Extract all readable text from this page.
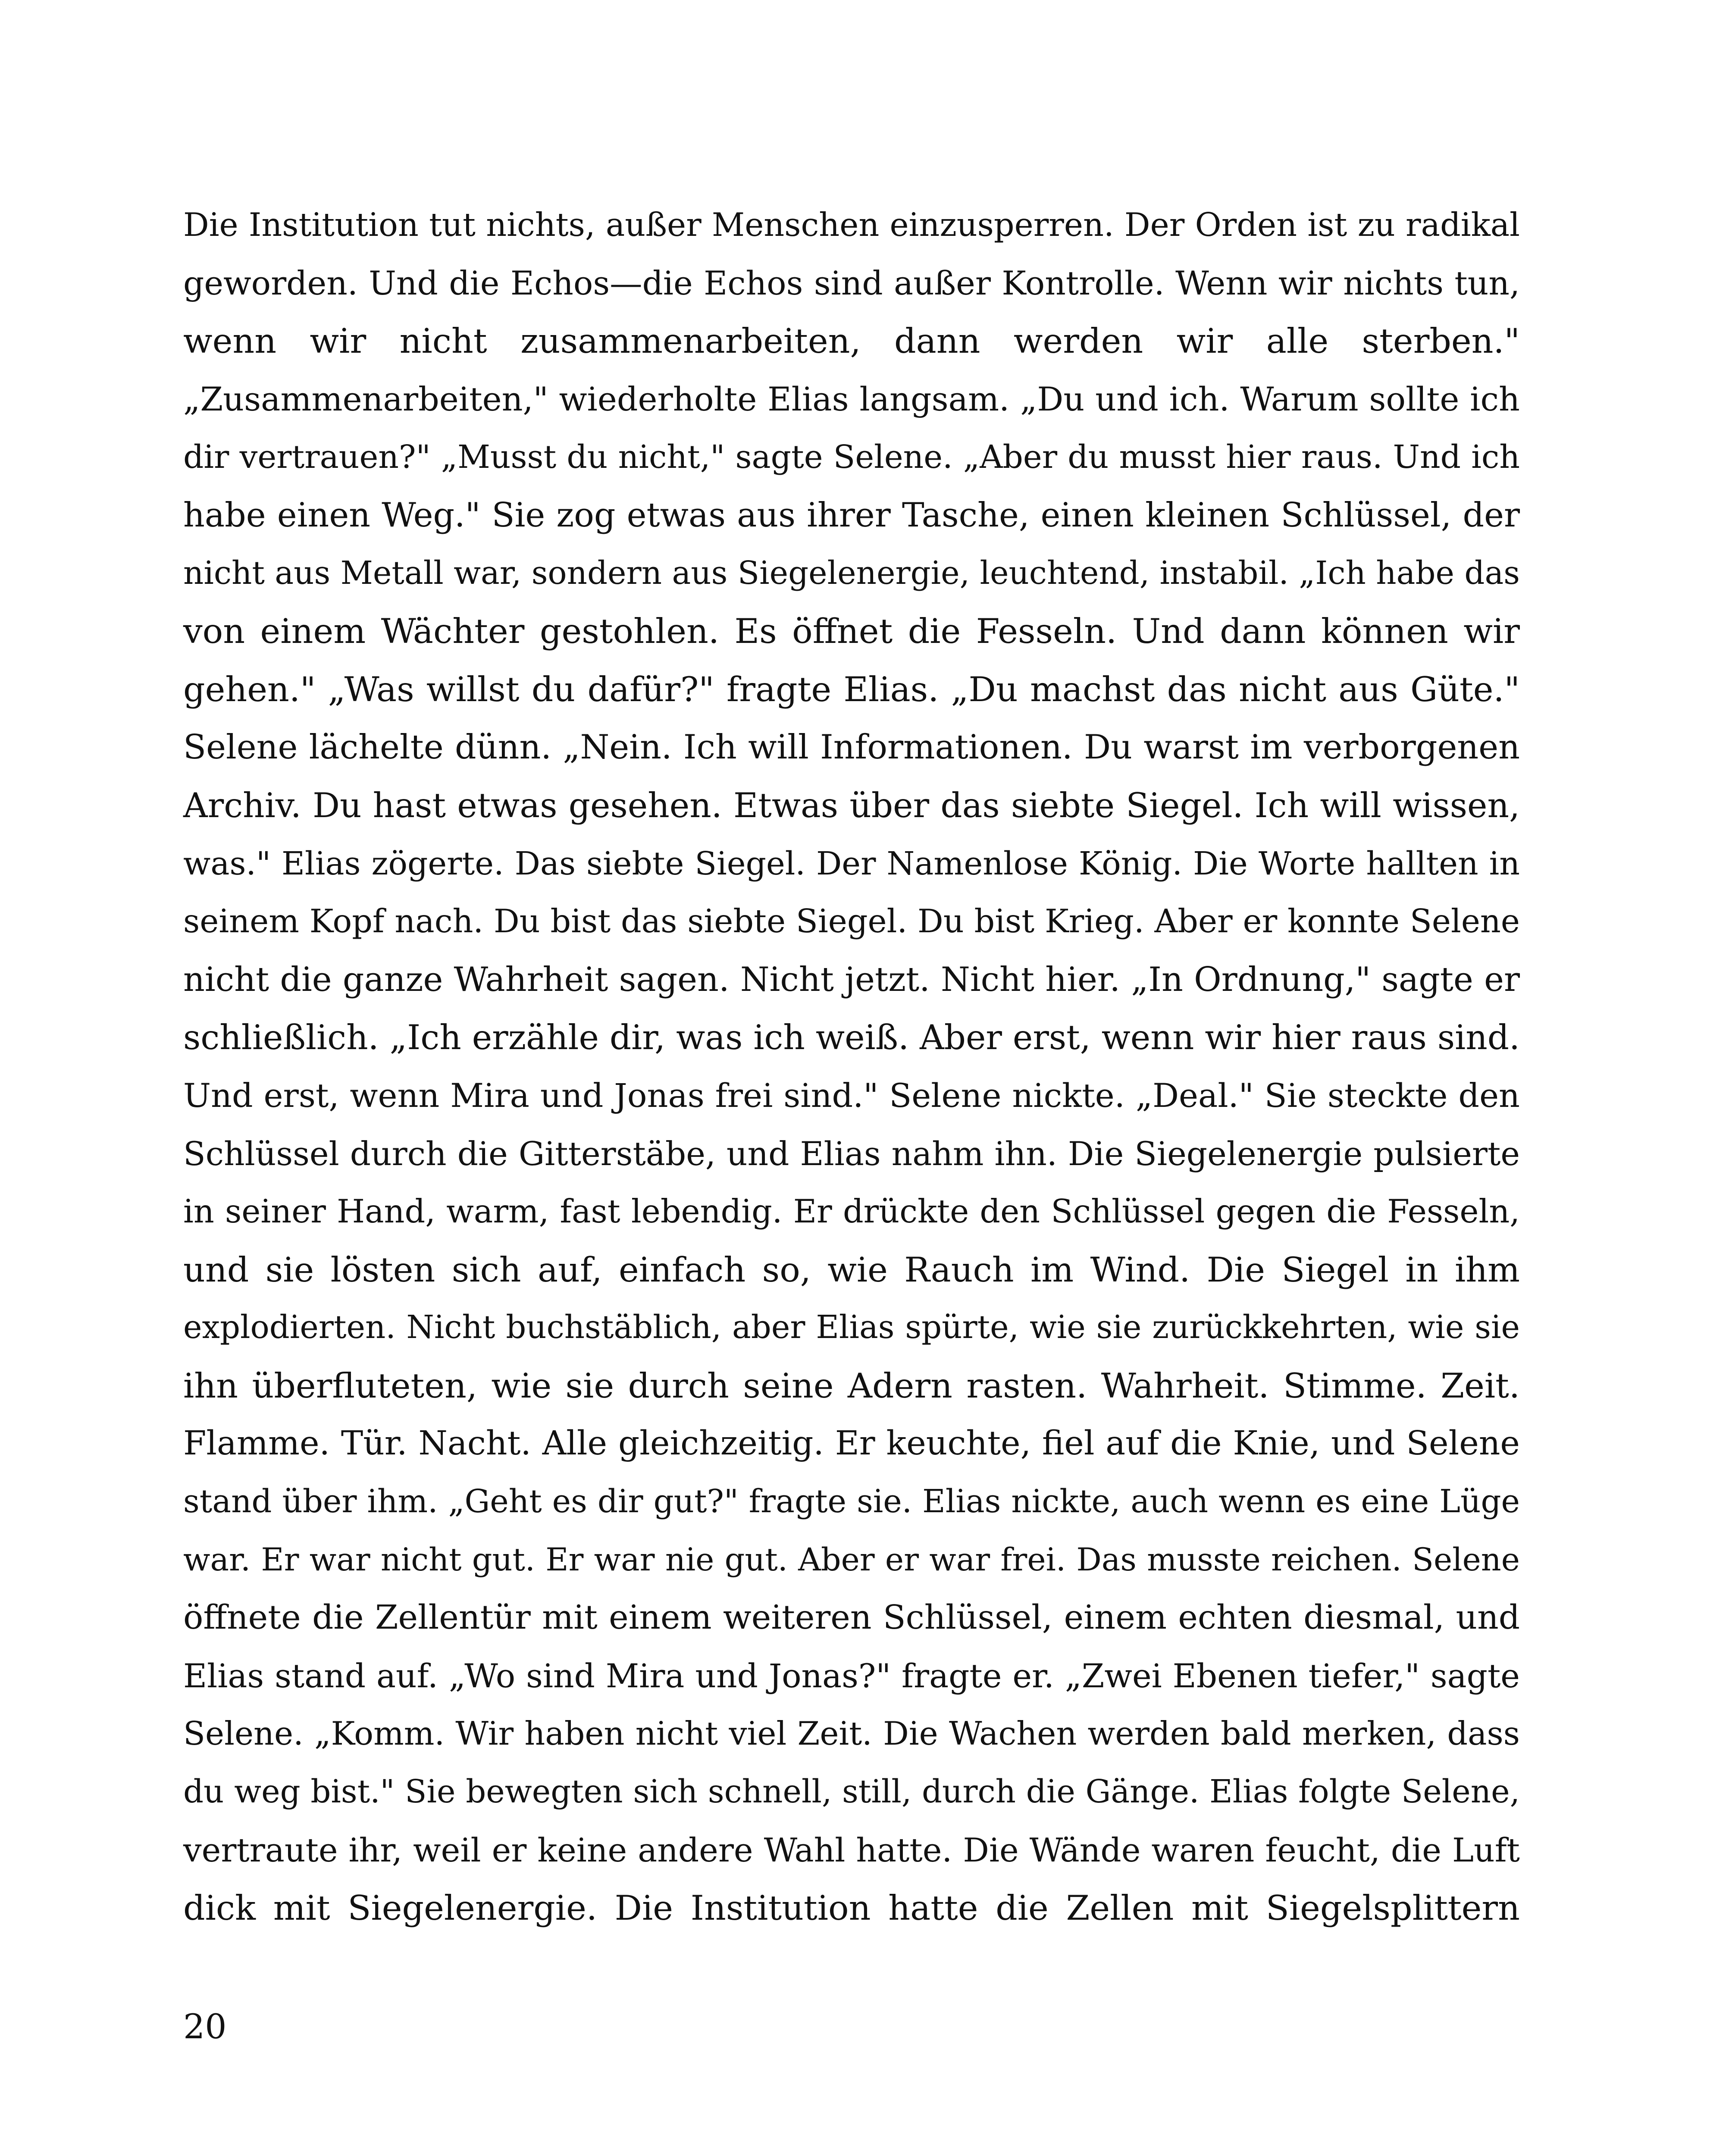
Die Institution tut nichts, außer Menschen einzusperren. Der Orden ist zu radikal
geworden. Und die Echos—die Echos sind außer Kontrolle. Wenn wir nichts tun,
wenn wir nicht zusammenarbeiten, dann werden wir alle sterben."
„Zusammenarbeiten," wiederholte Elias langsam. „Du und ich. Warum sollte ich
dir vertrauen?" „Musst du nicht," sagte Selene. „Aber du musst hier raus. Und ich
habe einen Weg." Sie zog etwas aus ihrer Tasche, einen kleinen Schlüssel, der
nicht aus Metall war, sondern aus Siegelenergie, leuchtend, instabil. „Ich habe das
von einem Wächter gestohlen. Es öffnet die Fesseln. Und dann können wir
gehen." „Was willst du dafür?" fragte Elias. „Du machst das nicht aus Güte."
Selene lächelte dünn. „Nein. Ich will Informationen. Du warst im verborgenen
Archiv. Du hast etwas gesehen. Etwas über das siebte Siegel. Ich will wissen,
was." Elias zögerte. Das siebte Siegel. Der Namenlose König. Die Worte hallten in
seinem Kopf nach. Du bist das siebte Siegel. Du bist Krieg. Aber er konnte Selene
nicht die ganze Wahrheit sagen. Nicht jetzt. Nicht hier. „In Ordnung," sagte er
schließlich. „Ich erzähle dir, was ich weiß. Aber erst, wenn wir hier raus sind.
Und erst, wenn Mira und Jonas frei sind." Selene nickte. „Deal." Sie steckte den
Schlüssel durch die Gitterstäbe, und Elias nahm ihn. Die Siegelenergie pulsierte
in seiner Hand, warm, fast lebendig. Er drückte den Schlüssel gegen die Fesseln,
und sie lösten sich auf, einfach so, wie Rauch im Wind. Die Siegel in ihm
explodierten. Nicht buchstäblich, aber Elias spürte, wie sie zurückkehrten, wie sie
ihn überfluteten, wie sie durch seine Adern rasten. Wahrheit. Stimme. Zeit.
Flamme. Tür. Nacht. Alle gleichzeitig. Er keuchte, fiel auf die Knie, und Selene
stand über ihm. „Geht es dir gut?" fragte sie. Elias nickte, auch wenn es eine Lüge
war. Er war nicht gut. Er war nie gut. Aber er war frei. Das musste reichen. Selene
öffnete die Zellentür mit einem weiteren Schlüssel, einem echten diesmal, und
Elias stand auf. „Wo sind Mira und Jonas?" fragte er. „Zwei Ebenen tiefer," sagte
Selene. „Komm. Wir haben nicht viel Zeit. Die Wachen werden bald merken, dass
du weg bist." Sie bewegten sich schnell, still, durch die Gänge. Elias folgte Selene,
vertraute ihr, weil er keine andere Wahl hatte. Die Wände waren feucht, die Luft
dick mit Siegelenergie. Die Institution hatte die Zellen mit Siegelsplittern
20
